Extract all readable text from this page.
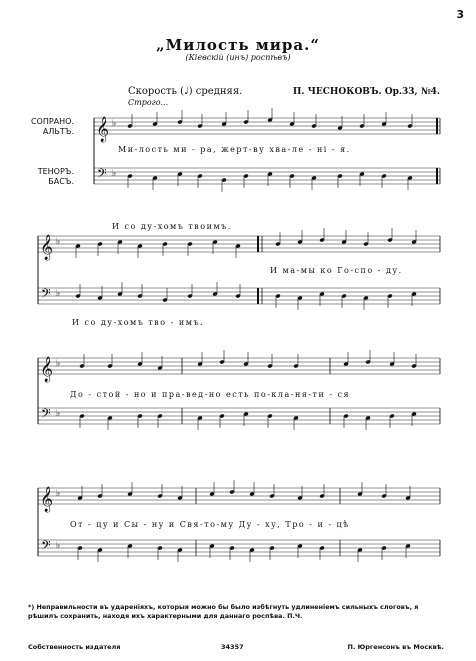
3
„Милость мира.“
(Кіевскій (инъ) роспѣвъ)
Скорость (♩) средняя.
Строго...
П. ЧЕСНОКОВЪ. Op.33, №4.
СОПРАНО.
АЛЬТЪ.
ТЕНОРЪ.
БАСЪ.
Ми-лость ми - ра, жерт-ву хва-ле - ні - я.
И со ду-хомъ твоимъ.
И ма-мы ко Го-спо - ду.
И со ду-хомъ тво - имъ.
До - стой - но и пра-вед-но есть по-кла-ня-ти - ся
От - цу и Сы - ну и Свя-то-му Ду - ху, Тро - и - цѣ
*) Неправильности въ удареніяхъ, которыя можно бы было избѣгнуть удлиненіемъ сильныхъ слоговъ, я рѣшилъ сохранить, находя ихъ характерными для даннаго роспѣва. П.Ч.
Собственность издателя	34357	П. Юргенсонъ въ Москвѣ.
𝄞
𝄢
♭
♭
𝄞
𝄢
♭
♭
𝄞
𝄢
♭
♭
𝄞
𝄢
♭
♭
